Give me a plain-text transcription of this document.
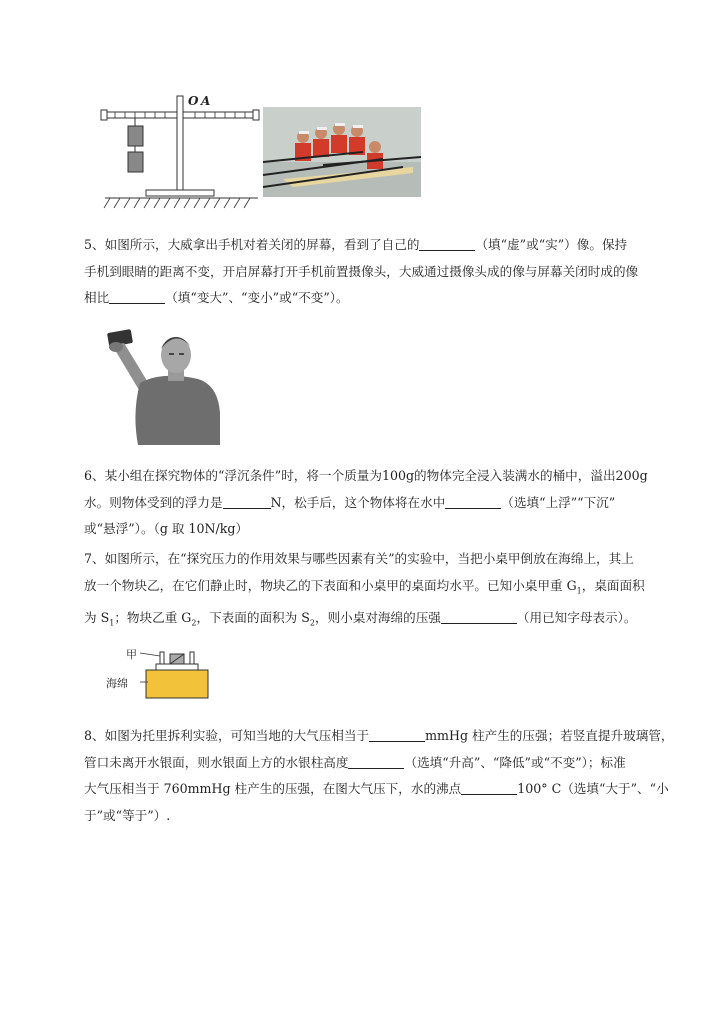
O A
5、如图所示，大威拿出手机对着关闭的屏幕，看到了自己的	（填“虚”或“实”）像。保持
手机到眼睛的距离不变，开启屏幕打开手机前置摄像头，大威通过摄像头成的像与屏幕关闭时成的像
相比	（填“变大”、“变小”或“不变”）。
6、某小组在探究物体的“浮沉条件”时，将一个质量为100g的物体完全浸入装满水的桶中，溢出200g
水。则物体受到的浮力是	N，松手后，这个物体将在水中	（选填“上浮”“下沉”
或“悬浮”）。（g 取 10N/kg）
7、如图所示，在“探究压力的作用效果与哪些因素有关”的实验中，当把小桌甲倒放在海绵上，其上
放一个物块乙，在它们静止时，物块乙的下表面和小桌甲的桌面均水平。已知小桌甲重 $G_1$，桌面面积
为 $S_1$；物块乙重 $G_2$，下表面的面积为 $S_2$，则小桌对海绵的压强	（用已知字母表示）。
甲
海绵
8、如图为托里拆利实验，可知当地的大气压相当于	mmHg 柱产生的压强；若竖直提升玻璃管，
管口未离开水银面，则水银面上方的水银柱高度	（选填“升高”、“降低”或“不变”）；标准
大气压相当于 760mmHg 柱产生的压强，在图大气压下，水的沸点	100° C（选填“大于”、“小
于”或“等于”）.
